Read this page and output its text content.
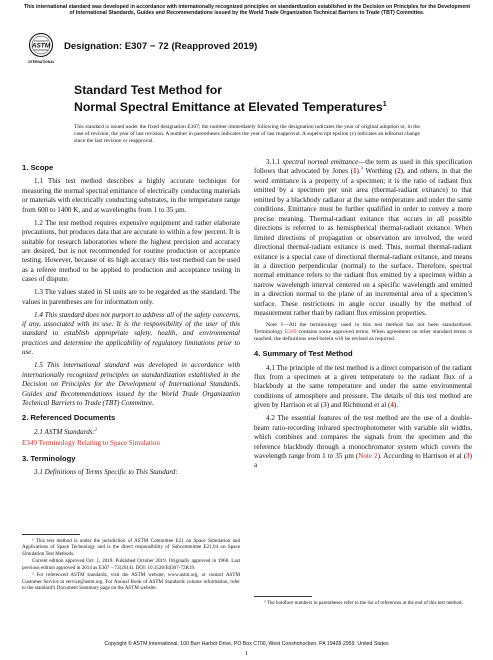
This international standard was developed in accordance with internationally recognized principles on standardization established in the Decision on Principles for the Development of International Standards, Guides and Recommendations issued by the World Trade Organization Technical Barriers to Trade (TBT) Committee.
ASTM
INTERNATIONAL
Designation: E307 − 72 (Reapproved 2019)
Standard Test Method for
Normal Spectral Emittance at Elevated Temperatures$^1$
This standard is issued under the fixed designation E307; the number immediately following the designation indicates the year of original adoption or, in the case of revision, the year of last revision. A number in parentheses indicates the year of last reapproval. A superscript epsilon (ε) indicates an editorial change since the last revision or reapproval.
1. Scope

1.1 This test method describes a highly accurate technique for measuring the normal spectral emittance of electrically conducting materials or materials with electrically conducting substrates, in the temperature range from 600 to 1400 K, and at wavelengths from 1 to 35 µm.

1.2 The test method requires expensive equipment and rather elaborate precautions, but produces data that are accurate to within a few percent. It is suitable for research laboratories where the highest precision and accuracy are desired, but is not recommended for routine production or acceptance testing. However, because of its high accuracy this test method can be used as a referee method to be applied to production and acceptance testing in cases of dispute.

1.3 The values stated in SI units are to be regarded as the standard. The values in parentheses are for information only.

1.4 This standard does not purport to address all of the safety concerns, if any, associated with its use. It is the responsibility of the user of this standard to establish appropriate safety, health, and environmental practices and determine the applicability of regulatory limitations prior to use.

1.5 This international standard was developed in accordance with internationally recognized principles on standardization established in the Decision on Principles for the Development of International Standards, Guides and Recommendations issued by the World Trade Organization Technical Barriers to Trade (TBT) Committee.

2. Referenced Documents

2.1 ASTM Standards:$^2$

E349 Terminology Relating to Space Simulation

3. Terminology

3.1 Definitions of Terms Specific to This Standard:

¹ This test method is under the jurisdiction of ASTM Committee E21 on Space Simulation and Applications of Space Technology and is the direct responsibility of Subcommittee E21.04 on Space Simulation Test Methods.

Current edition approved Oct. 1, 2019. Published October 2019. Originally approved in 1968. Last previous edition approved in 2014 as E307 – 72(2014). DOI: 10.1520/E0307-72R19.

² For referenced ASTM standards, visit the ASTM website, www.astm.org, or contact ASTM Customer Service at service@astm.org. For Annual Book of ASTM Standards volume information, refer to the standard’s Document Summary page on the ASTM website.

3.1.1 spectral normal emittance—the term as used in this specification follows that advocated by Jones (1).$^3$ Worthing (2), and others, in that the word emittance is a property of a specimen; it is the ratio of radiant flux emitted by a specimen per unit area (thermal-radiant exitance) to that emitted by a blackbody radiator at the same temperature and under the same conditions. Emittance must be further qualified in order to convey a more precise meaning. Thermal-radiant exitance that occurs in all possible directions is referred to as hemispherical thermal-radiant exitance. When limited directions of propagation or observation are involved, the word directional thermal-radiant exitance is used. Thus, normal thermal-radiant exitance is a special case of directional thermal-radiant exitance, and means in a direction perpendicular (normal) to the surface. Therefore, spectral normal emittance refers to the radiant flux emitted by a specimen within a narrow wavelength interval centered on a specific wavelength and emitted in a direction normal to the plane of an incremental area of a specimen’s surface. These restrictions in angle occur usually by the method of measurement rather than by radiant flux emission properties.

Note 1—All the terminology used in this test method has not been standardized. Terminology E349 contains some approved terms. When agreement on other standard terms is reached, the definitions used herein will be revised as required.
4. Summary of Test Method

4.1 The principle of the test method is a direct comparison of the radiant flux from a specimen at a given temperature to the radiant flux of a blackbody at the same temperature and under the same environmental conditions of atmosphere and pressure. The details of this test method are given by Harrison et al (3) and Richmond et al (4).

4.2 The essential features of the test method are the use of a double-beam ratio-recording infrared spectrophotometer with variable slit widths, which combines and compares the signals from the specimen and the reference blackbody through a monochromator system which covers the wavelength range from 1 to 35 µm (Note 2). According to Harrison et al (3) a

³ The boldface numbers in parentheses refer to the list of references at the end of this test method.

Copyright © ASTM International, 100 Barr Harbor Drive, PO Box C700, West Conshohocken, PA 19428-2959. United States
1
